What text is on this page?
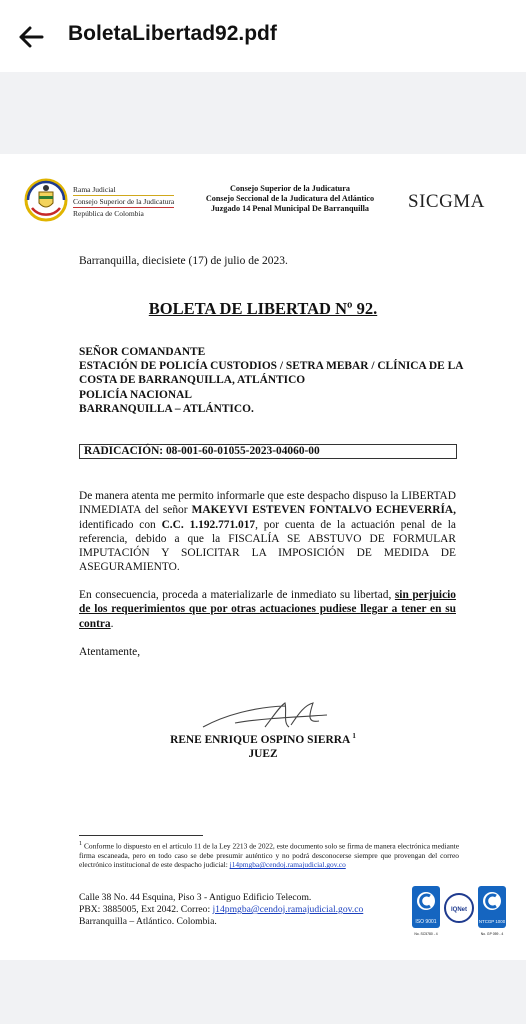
BoletaLibertad92.pdf
Rama Judicial
Consejo Superior de la Judicatura
República de Colombia
Consejo Superior de la Judicatura
Consejo Seccional de la Judicatura del Atlántico
Juzgado 14 Penal Municipal De Barranquilla	SICGMA
Barranquilla, diecisiete (17) de julio de 2023.
BOLETA DE LIBERTAD Nº 92.
SEÑOR COMANDANTE
ESTACIÓN DE POLICÍA CUSTODIOS / SETRA MEBAR / CLÍNICA DE LA COSTA DE BARRANQUILLA, ATLÁNTICO
POLICÍA NACIONAL
BARRANQUILLA – ATLÁNTICO.
RADICACIÓN: 08-001-60-01055-2023-04060-00
De manera atenta me permito informarle que este despacho dispuso la LIBERTAD INMEDIATA del señor MAKEYVI ESTEVEN FONTALVO ECHEVERRÍA, identificado con C.C. 1.192.771.017, por cuenta de la actuación penal de la referencia, debido a que la FISCALÍA SE ABSTUVO DE FORMULAR IMPUTACIÓN Y SOLICITAR LA IMPOSICIÓN DE MEDIDA DE ASEGURAMIENTO.
En consecuencia, proceda a materializarle de inmediato su libertad, sin perjuicio de los requerimientos que por otras actuaciones pudiese llegar a tener en su contra.
Atentamente,
RENE ENRIQUE OSPINO SIERRA $^1$
JUEZ
$^1$ Conforme lo dispuesto en el artículo 11 de la Ley 2213 de 2022, este documento solo se firma de manera electrónica mediante firma escaneada, pero en todo caso se debe presumir auténtico y no podrá desconocerse siempre que provengan del correo electrónico institucional de este despacho judicial: j14pmgba@cendoj.ramajudicial.gov.co
Calle 38 No. 44 Esquina, Piso 3 - Antiguo Edificio Telecom.
PBX: 3885005, Ext 2042. Correo: j14pmgba@cendoj.ramajudicial.gov.co
Barranquilla – Atlántico. Colombia.	ISO 9001
No. SC5780 - 4
IQNet
NTCGP 1000
No. GP 059 - 4
